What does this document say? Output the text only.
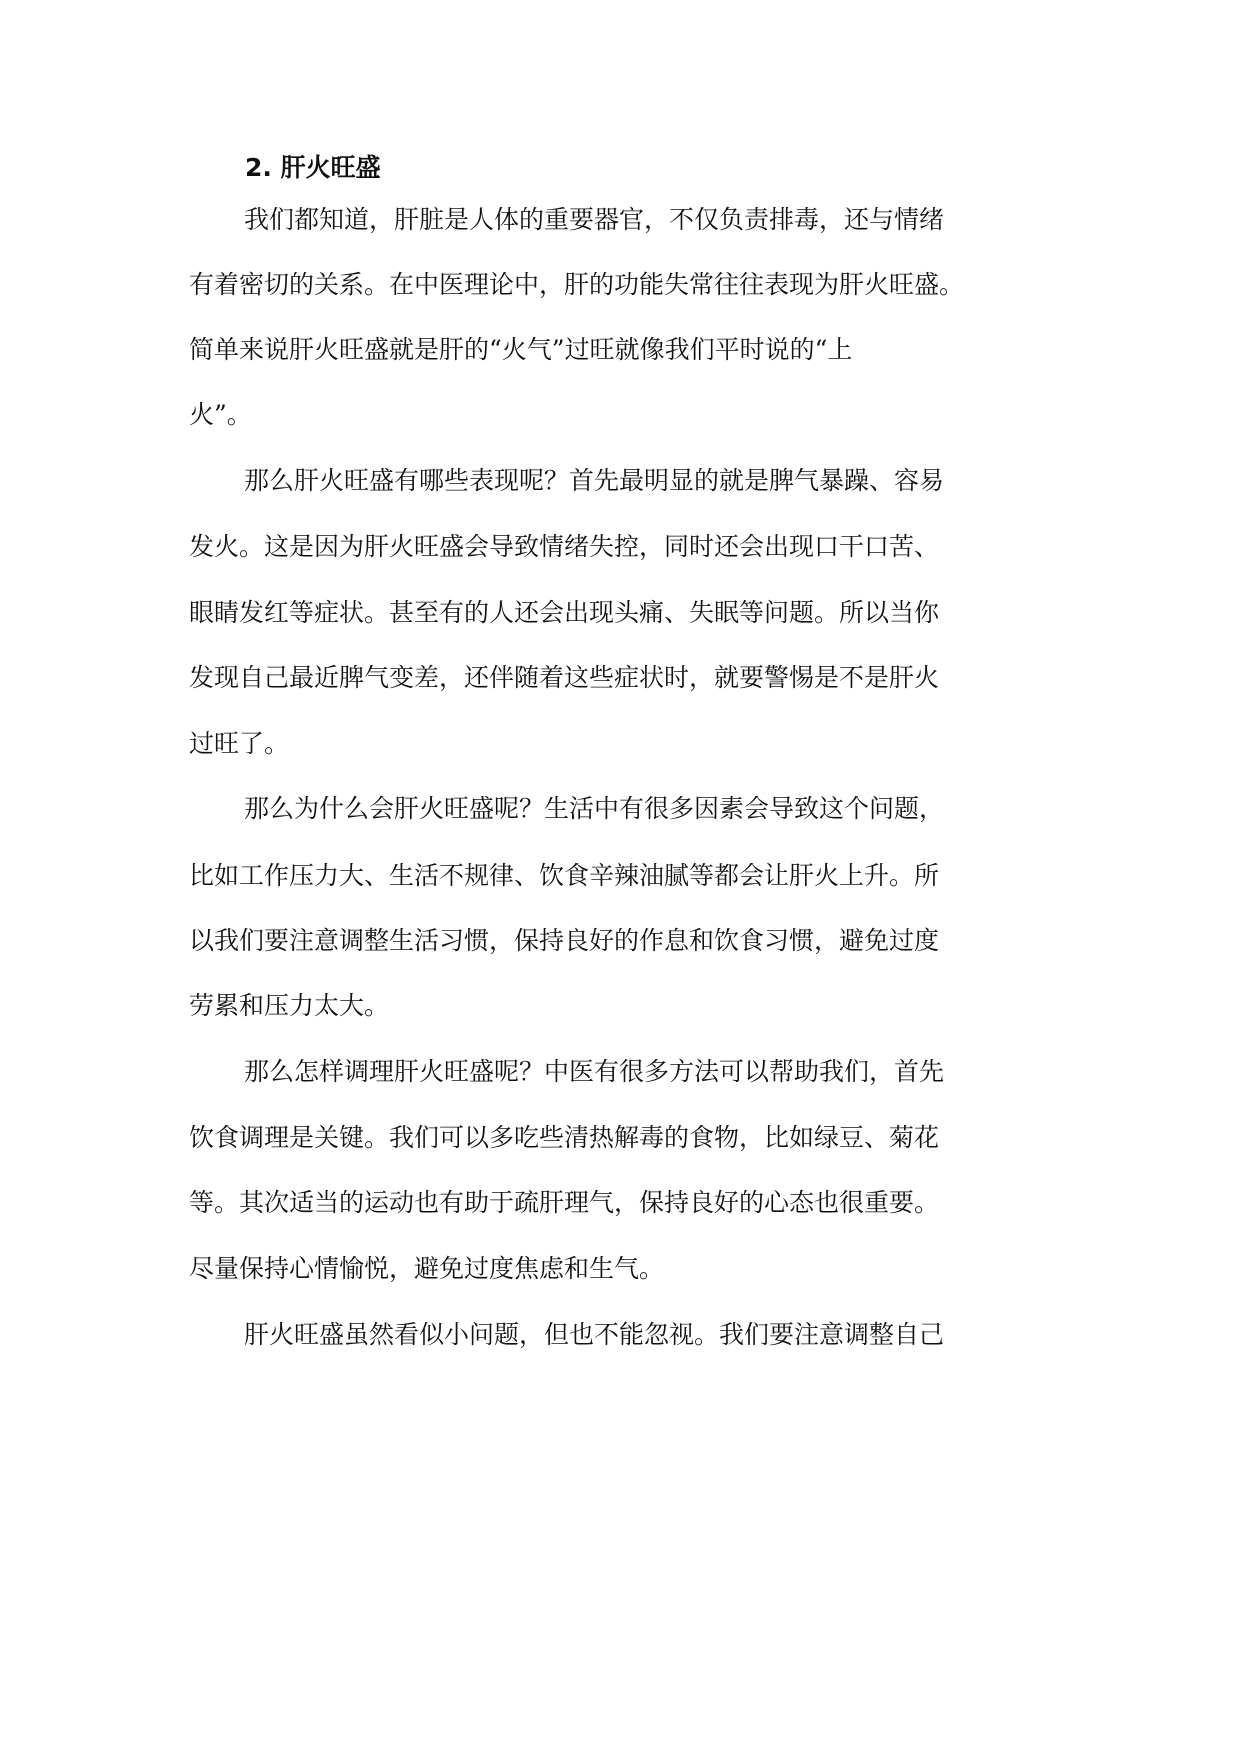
2. 肝火旺盛

我们都知道，肝脏是人体的重要器官，不仅负责排毒，还与情绪

有着密切的关系。在中医理论中，肝的功能失常往往表现为肝火旺盛。

简单来说肝火旺盛就是肝的“火气”过旺就像我们平时说的“上

火”。

那么肝火旺盛有哪些表现呢？首先最明显的就是脾气暴躁、容易

发火。这是因为肝火旺盛会导致情绪失控，同时还会出现口干口苦、

眼睛发红等症状。甚至有的人还会出现头痛、失眠等问题。所以当你

发现自己最近脾气变差，还伴随着这些症状时，就要警惕是不是肝火

过旺了。

那么为什么会肝火旺盛呢？生活中有很多因素会导致这个问题，

比如工作压力大、生活不规律、饮食辛辣油腻等都会让肝火上升。所

以我们要注意调整生活习惯，保持良好的作息和饮食习惯，避免过度

劳累和压力太大。

那么怎样调理肝火旺盛呢？中医有很多方法可以帮助我们，首先

饮食调理是关键。我们可以多吃些清热解毒的食物，比如绿豆、菊花

等。其次适当的运动也有助于疏肝理气，保持良好的心态也很重要。

尽量保持心情愉悦，避免过度焦虑和生气。

肝火旺盛虽然看似小问题，但也不能忽视。我们要注意调整自己
